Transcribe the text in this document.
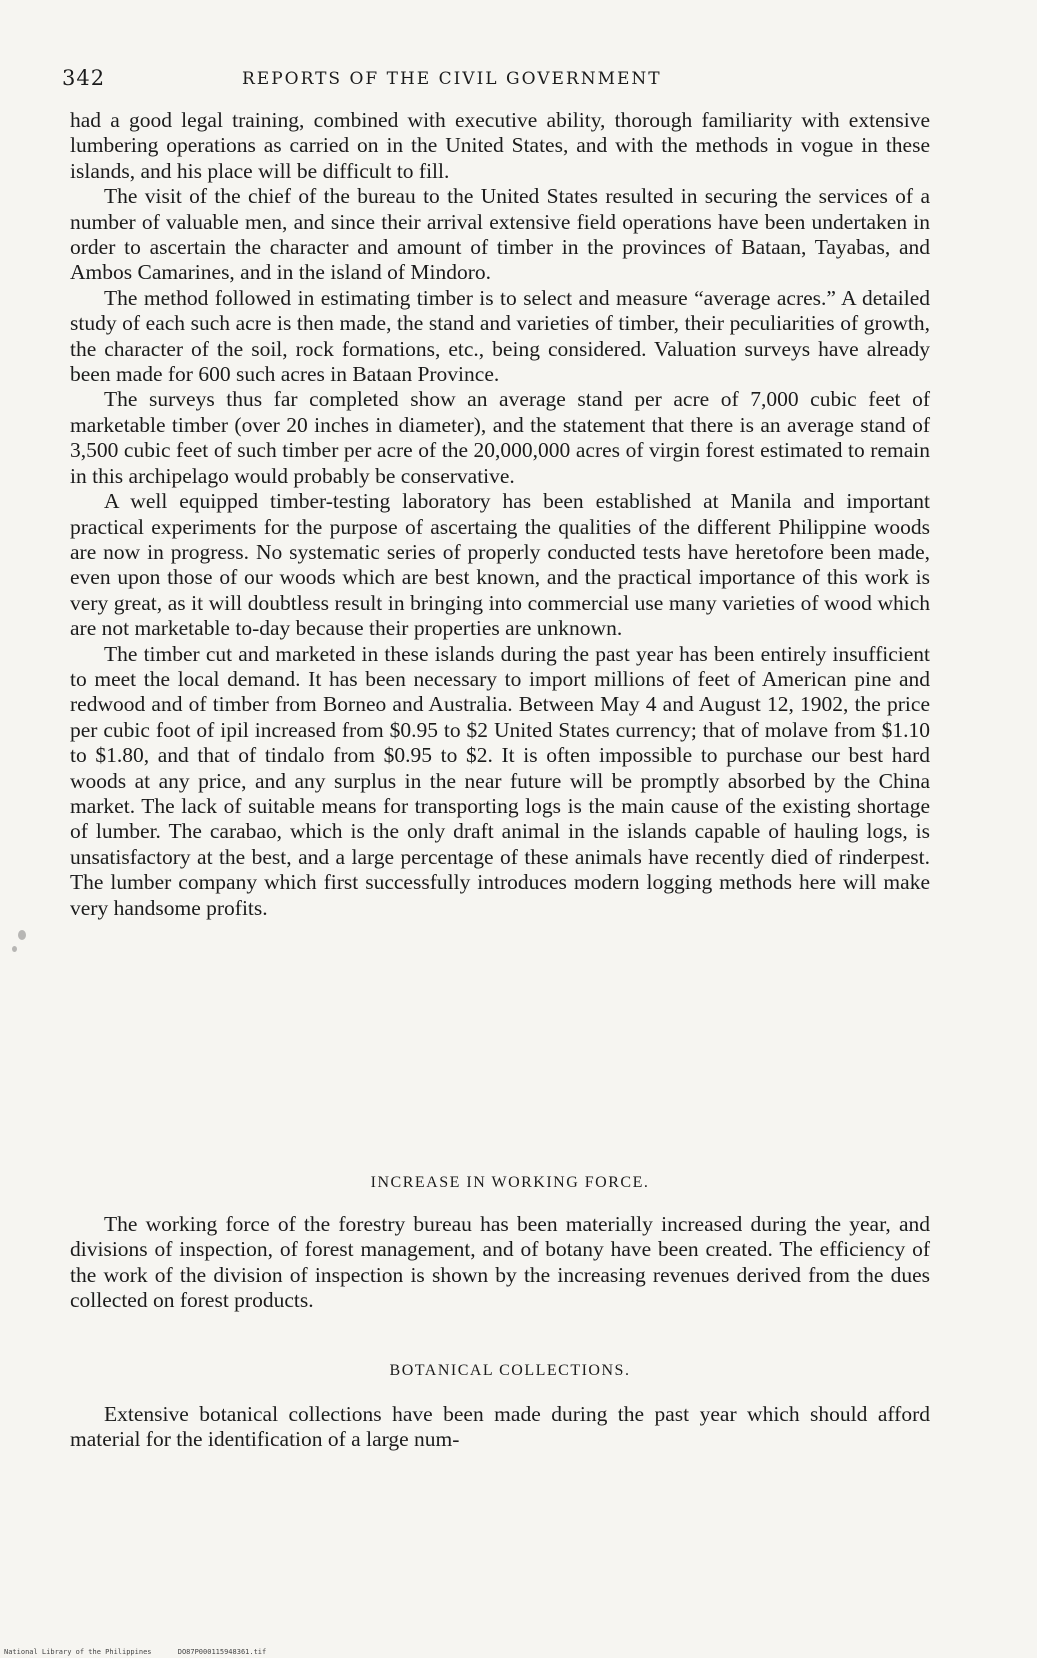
342	REPORTS OF THE CIVIL GOVERNMENT

had a good legal training, combined with executive ability, thorough familiarity with extensive lumbering operations as carried on in the United States, and with the methods in vogue in these islands, and his place will be difficult to fill.

The visit of the chief of the bureau to the United States resulted in securing the services of a number of valuable men, and since their arrival extensive field operations have been undertaken in order to ascertain the character and amount of timber in the provinces of Bataan, Tayabas, and Ambos Camarines, and in the island of Mindoro.

The method followed in estimating timber is to select and measure “average acres.” A detailed study of each such acre is then made, the stand and varieties of timber, their peculiarities of growth, the character of the soil, rock formations, etc., being considered. Valuation surveys have already been made for 600 such acres in Bataan Province.

The surveys thus far completed show an average stand per acre of 7,000 cubic feet of marketable timber (over 20 inches in diameter), and the statement that there is an average stand of 3,500 cubic feet of such timber per acre of the 20,000,000 acres of virgin forest estimated to remain in this archipelago would probably be conservative.

A well equipped timber-testing laboratory has been established at Manila and important practical experiments for the purpose of ascertaing the qualities of the different Philippine woods are now in progress. No systematic series of properly conducted tests have heretofore been made, even upon those of our woods which are best known, and the practical importance of this work is very great, as it will doubtless result in bringing into commercial use many varieties of wood which are not marketable to-day because their properties are unknown.

The timber cut and marketed in these islands during the past year has been entirely insufficient to meet the local demand. It has been necessary to import millions of feet of American pine and redwood and of timber from Borneo and Australia. Between May 4 and August 12, 1902, the price per cubic foot of ipil increased from $0.95 to $2 United States currency; that of molave from $1.10 to $1.80, and that of tindalo from $0.95 to $2. It is often impossible to purchase our best hard woods at any price, and any surplus in the near future will be promptly absorbed by the China market. The lack of suitable means for transporting logs is the main cause of the existing shortage of lumber. The carabao, which is the only draft animal in the islands capable of hauling logs, is unsatisfactory at the best, and a large percentage of these animals have recently died of rinderpest. The lumber company which first successfully introduces modern logging methods here will make very handsome profits.

INCREASE IN WORKING FORCE.

The working force of the forestry bureau has been materially increased during the year, and divisions of inspection, of forest management, and of botany have been created. The efficiency of the work of the division of inspection is shown by the increasing revenues derived from the dues collected on forest products.

BOTANICAL COLLECTIONS.

Extensive botanical collections have been made during the past year which should afford material for the identification of a large num-

National Library of the Philippines	DO87P000115948361.tif
